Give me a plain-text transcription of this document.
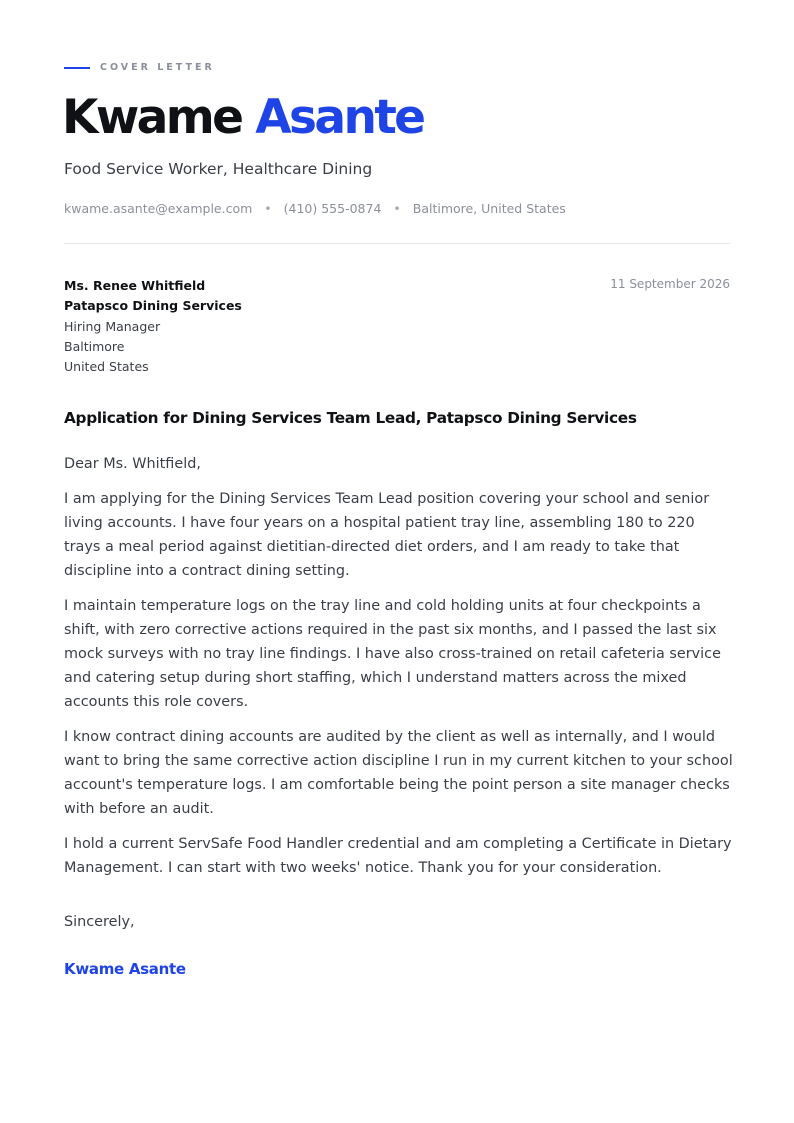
COVER LETTER
Kwame Asante
Food Service Worker, Healthcare Dining
kwame.asante@example.com • (410) 555-0874 • Baltimore, United States
Ms. Renee Whitfield
Patapsco Dining Services
Hiring Manager
Baltimore
United States
11 September 2026
Application for Dining Services Team Lead, Patapsco Dining Services
Dear Ms. Whitfield,
I am applying for the Dining Services Team Lead position covering your school and senior living accounts. I have four years on a hospital patient tray line, assembling 180 to 220 trays a meal period against dietitian-directed diet orders, and I am ready to take that discipline into a contract dining setting.
I maintain temperature logs on the tray line and cold holding units at four checkpoints a shift, with zero corrective actions required in the past six months, and I passed the last six mock surveys with no tray line findings. I have also cross-trained on retail cafeteria service and catering setup during short staffing, which I understand matters across the mixed accounts this role covers.
I know contract dining accounts are audited by the client as well as internally, and I would want to bring the same corrective action discipline I run in my current kitchen to your school account's temperature logs. I am comfortable being the point person a site manager checks with before an audit.
I hold a current ServSafe Food Handler credential and am completing a Certificate in Dietary Management. I can start with two weeks' notice. Thank you for your consideration.
Sincerely,
Kwame Asante
